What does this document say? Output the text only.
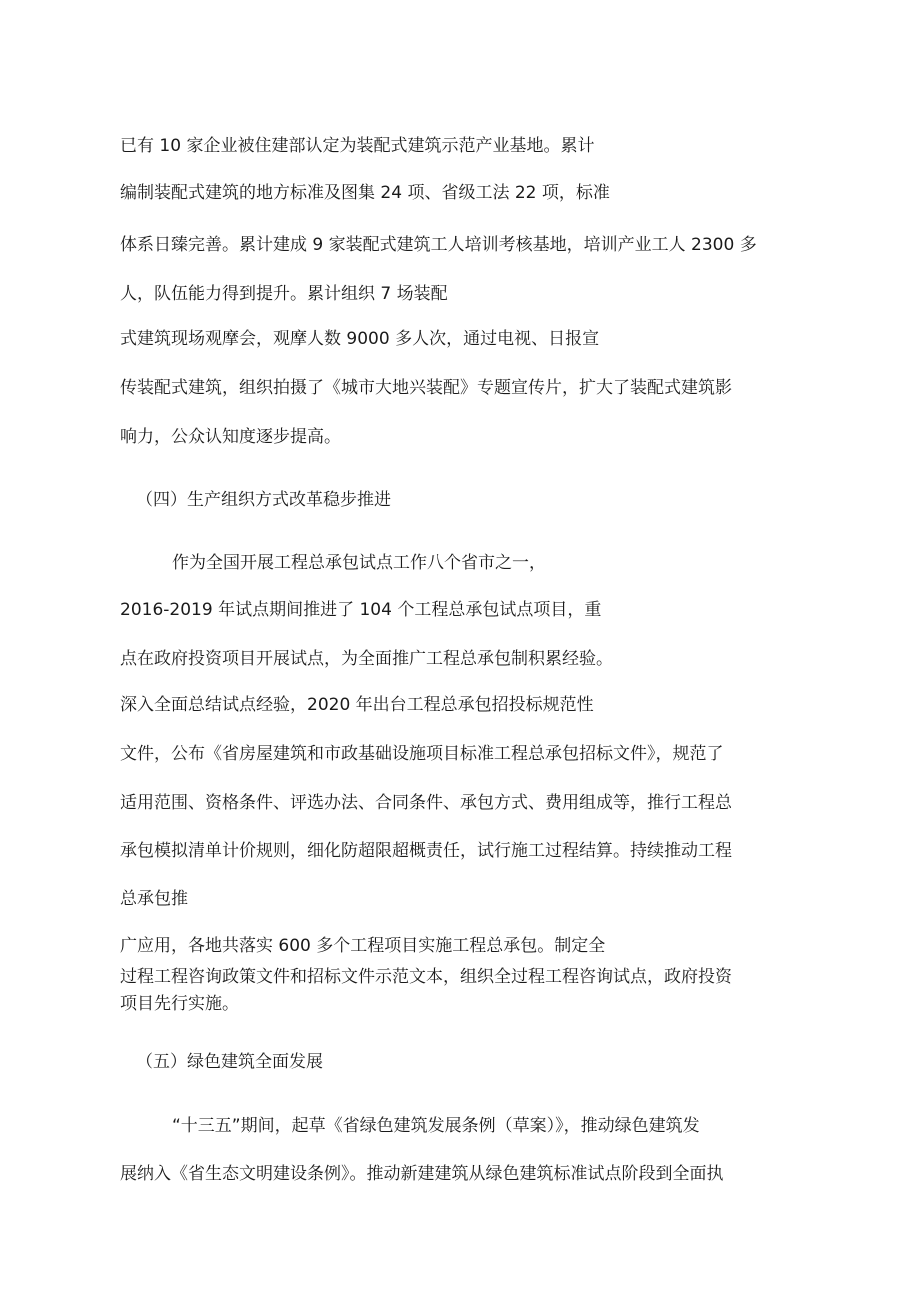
已有 10 家企业被住建部认定为装配式建筑示范产业基地。累计
编制装配式建筑的地方标准及图集 24 项、省级工法 22 项，标准
体系日臻完善。累计建成 9 家装配式建筑工人培训考核基地，培训产业工人 2300 多
人，队伍能力得到提升。累计组织 7 场装配
式建筑现场观摩会，观摩人数 9000 多人次，通过电视、日报宣
传装配式建筑，组织拍摄了《城市大地兴装配》专题宣传片，扩大了装配式建筑影
响力，公众认知度逐步提高。
（四）生产组织方式改革稳步推进
作为全国开展工程总承包试点工作八个省市之一，
2016-2019 年试点期间推进了 104 个工程总承包试点项目，重
点在政府投资项目开展试点，为全面推广工程总承包制积累经验。
深入全面总结试点经验，2020 年出台工程总承包招投标规范性
文件，公布《省房屋建筑和市政基础设施项目标准工程总承包招标文件》，规范了
适用范围、资格条件、评选办法、合同条件、承包方式、费用组成等，推行工程总
承包模拟清单计价规则，细化防超限超概责任，试行施工过程结算。持续推动工程
总承包推
广应用，各地共落实 600 多个工程项目实施工程总承包。制定全
过程工程咨询政策文件和招标文件示范文本，组织全过程工程咨询试点，政府投资
项目先行实施。
（五）绿色建筑全面发展
“十三五”期间，起草《省绿色建筑发展条例（草案）》，推动绿色建筑发
展纳入《省生态文明建设条例》。推动新建建筑从绿色建筑标准试点阶段到全面执
